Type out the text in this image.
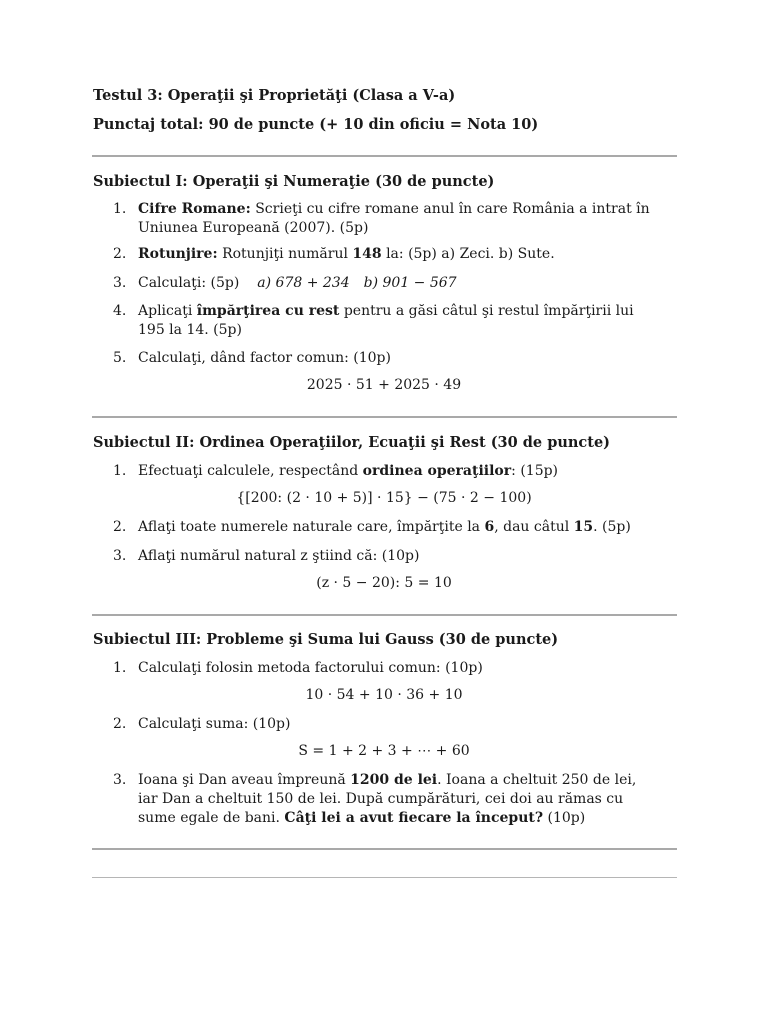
Testul 3: Operaţii şi Proprietăţi (Clasa a V-a)
Punctaj total: 90 de puncte (+ 10 din oficiu = Nota 10)
Subiectul I: Operaţii şi Numeraţie (30 de puncte)
1. Cifre Romane: Scrieţi cu cifre romane anul în care România a intrat în Uniunea Europeană (2007). (5p)
2. Rotunjire: Rotunjiţi numărul 148 la: (5p) a) Zeci. b) Sute.
3. Calculaţi: (5p) a) 678 + 234 b) 901 − 567
4. Aplicaţi împărţirea cu rest pentru a găsi câtul şi restul împărţirii lui 195 la 14. (5p)
5. Calculaţi, dând factor comun: (10p)
2025 · 51 + 2025 · 49
Subiectul II: Ordinea Operaţiilor, Ecuaţii şi Rest (30 de puncte)
1. Efectuaţi calculele, respectând ordinea operaţiilor: (15p)
{[200: (2 · 10 + 5)] · 15} − (75 · 2 − 100)
2. Aflaţi toate numerele naturale care, împărţite la 6, dau câtul 15. (5p)
3. Aflaţi numărul natural z ştiind că: (10p)
(z · 5 − 20): 5 = 10
Subiectul III: Probleme şi Suma lui Gauss (30 de puncte)
1. Calculaţi folosin metoda factorului comun: (10p)
10 · 54 + 10 · 36 + 10
2. Calculaţi suma: (10p)
S = 1 + 2 + 3 + ⋯ + 60
3. Ioana şi Dan aveau împreună 1200 de lei. Ioana a cheltuit 250 de lei, iar Dan a cheltuit 150 de lei. După cumpărături, cei doi au rămas cu sume egale de bani. Câţi lei a avut fiecare la început? (10p)
